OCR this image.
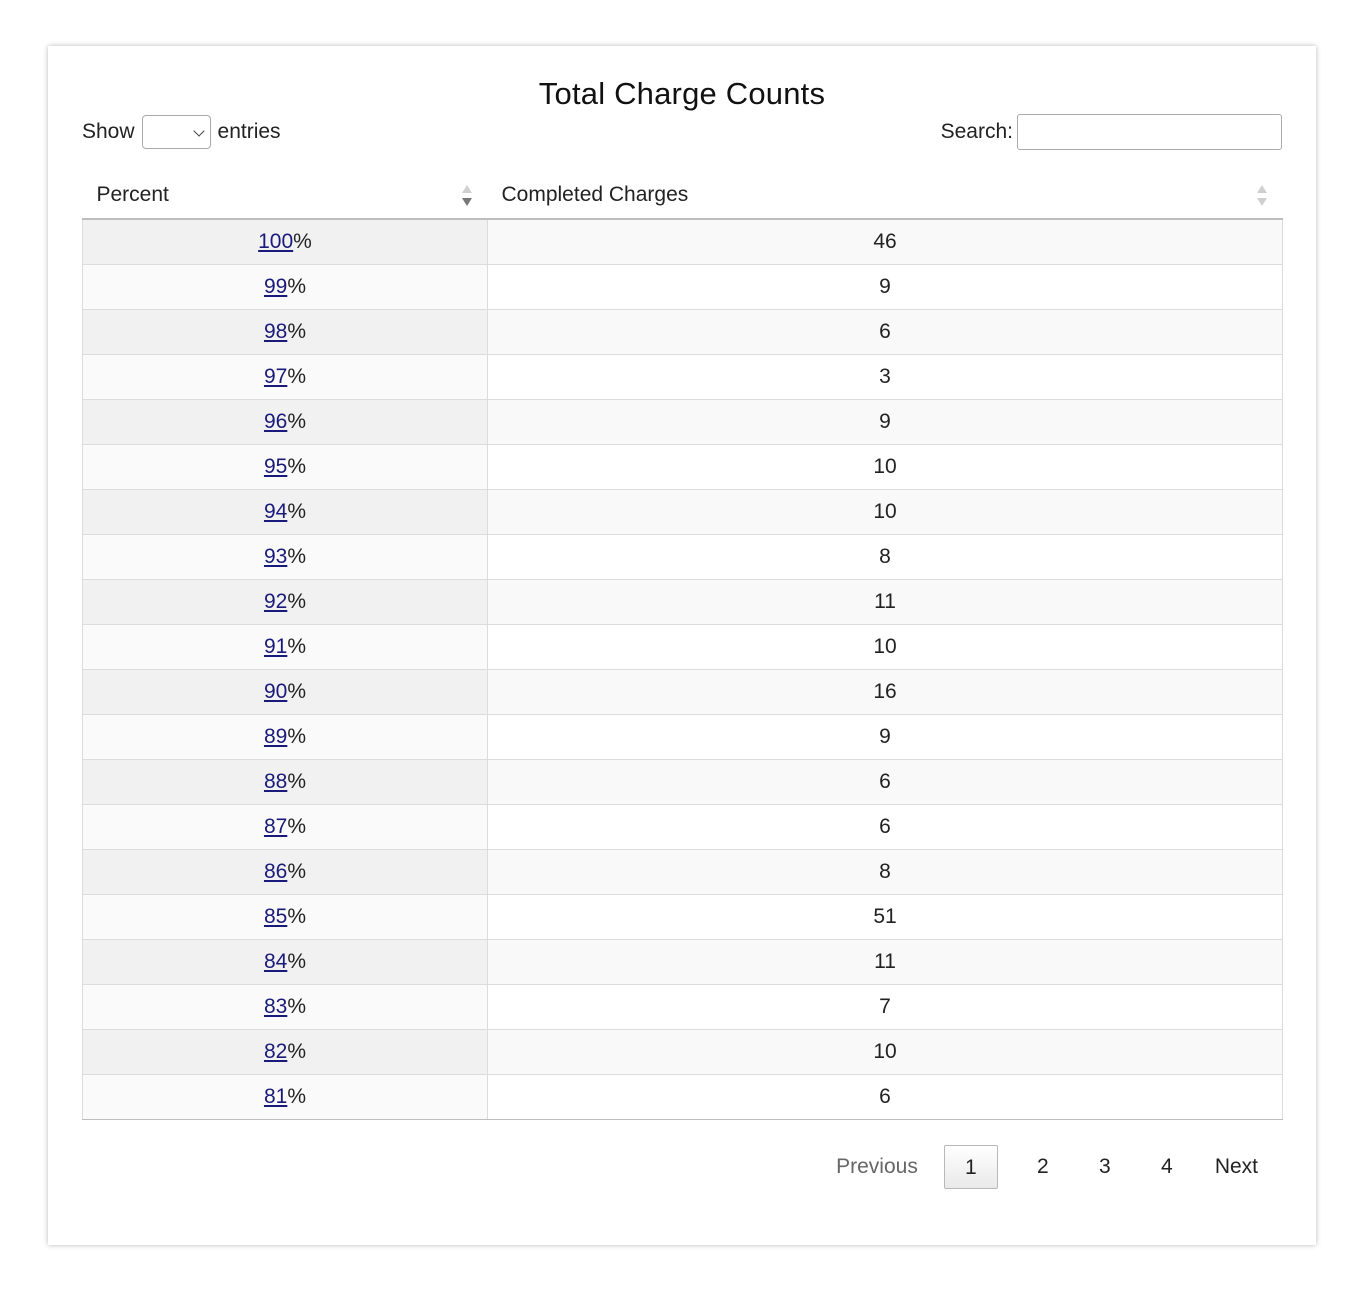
Total Charge Counts
Show	entries	Search:
Percent	Completed Charges

100%	46
99%	9
98%	6
97%	3
96%	9
95%	10
94%	10
93%	8
92%	11
91%	10
90%	16
89%	9
88%	6
87%	6
86%	8
85%	51
84%	11
83%	7
82%	10
81%	6
Previous	1	2	3	4	Next
